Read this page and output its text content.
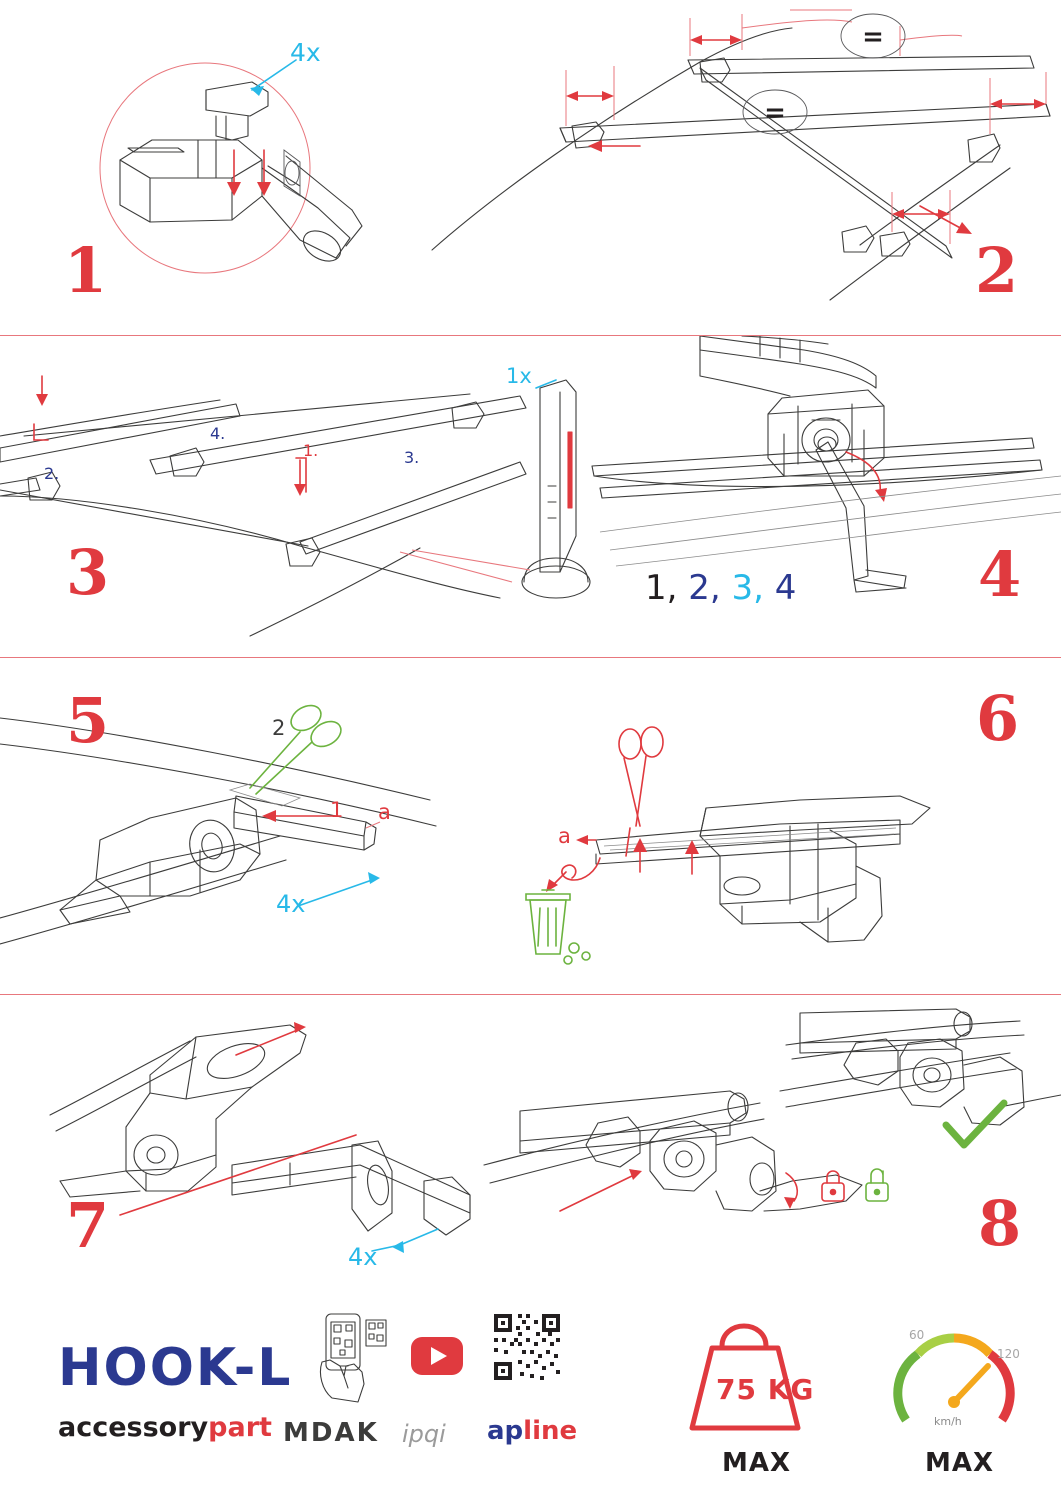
=
=
1	2
4x
3	4
1.
2.
3.
4.
1x
1, 2, 3, 4
5	6
1
2
a
4x
a
7	8
4x
HOOK-L
accessorypart MDAK ipqi apline
75 KG
MAX
60
120
km/h
MAX
